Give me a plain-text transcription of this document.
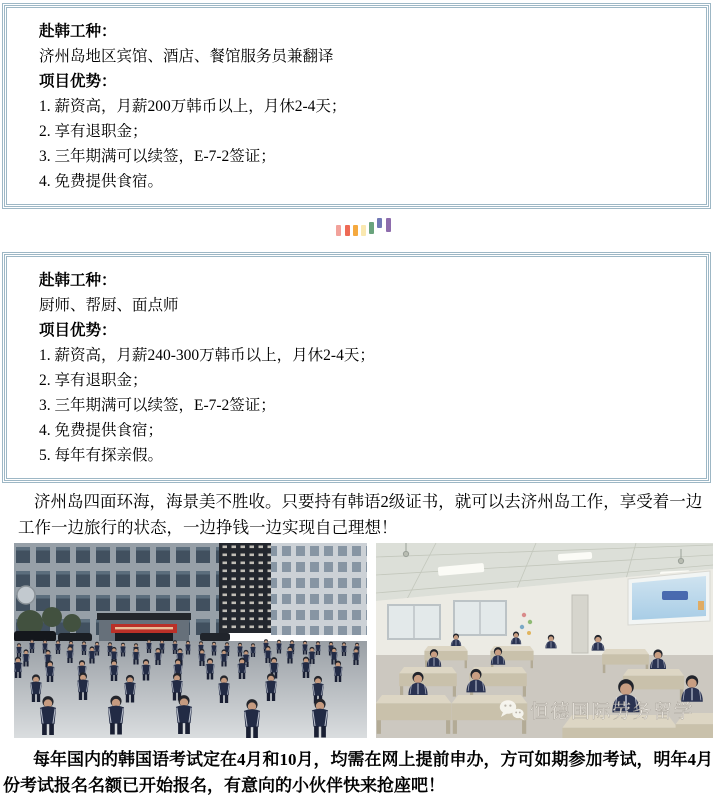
赴韩工种：
济州岛地区宾馆、酒店、餐馆服务员兼翻译
项目优势：
1. 薪资高，月薪200万韩币以上，月休2-4天；
2. 享有退职金；
3. 三年期满可以续签，E-7-2签证；
4. 免费提供食宿。
赴韩工种：
厨师、帮厨、面点师
项目优势：
1. 薪资高，月薪240-300万韩币以上，月休2-4天；
2. 享有退职金；
3. 三年期满可以续签，E-7-2签证；
4. 免费提供食宿；
5. 每年有探亲假。
济州岛四面环海，海景美不胜收。只要持有韩语2级证书，就可以去济州岛工作，享受着一边工作一边旅行的状态，一边挣钱一边实现自己理想！
恒德国际劳务留学
每年国内的韩国语考试定在4月和10月，均需在网上提前申办，方可如期参加考试，明年4月份考试报名名额已开始报名，有意向的小伙伴快来抢座吧！
